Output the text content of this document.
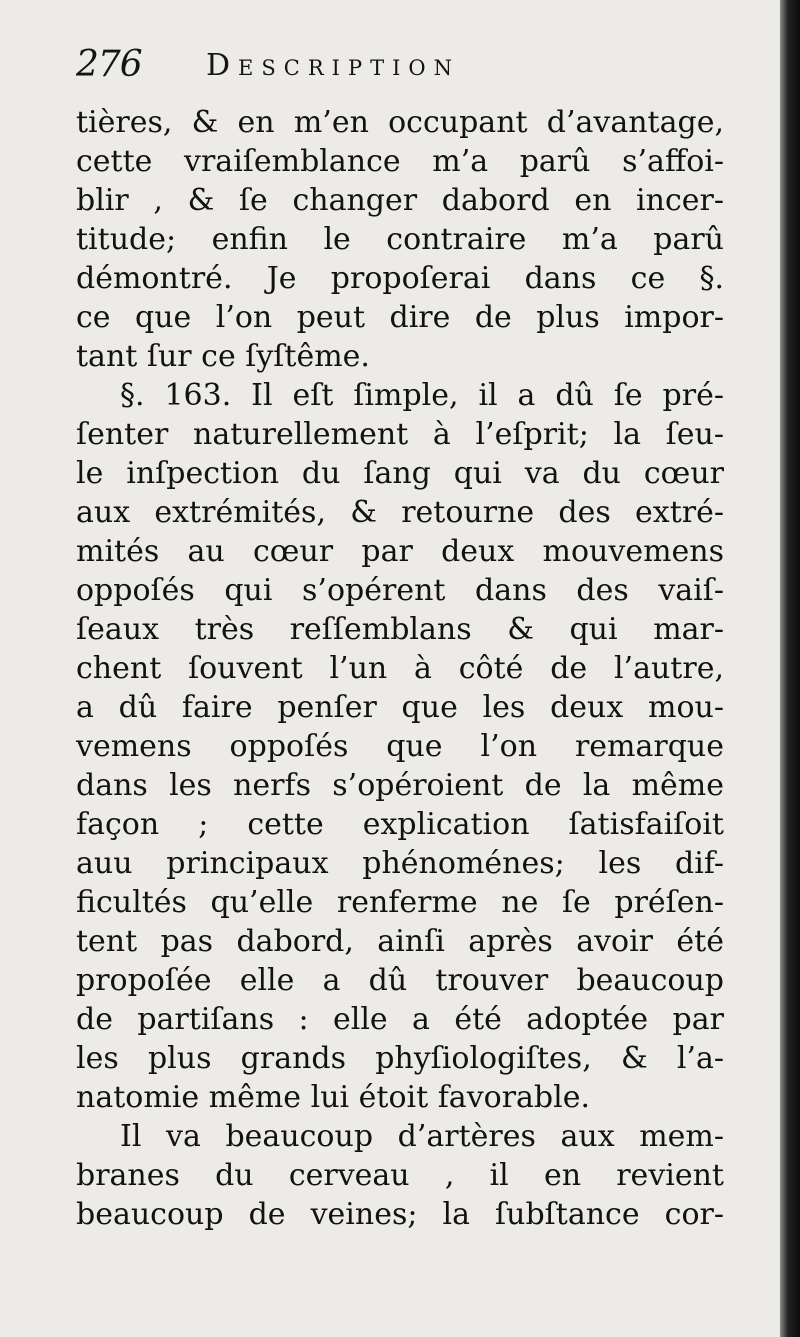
276 Description
tières, & en m’en occupant d’avantage,
cette vraiſemblance m’a parû s’affoi-
blir , & ſe changer dabord en incer-
titude; enfin le contraire m’a parû
démontré. Je propoſerai dans ce §.
ce que l’on peut dire de plus impor-
tant ſur ce ſyſtême.
§. 163. Il eſt ſimple, il a dû ſe pré-
ſenter naturellement à l’eſprit; la ſeu-
le inſpection du ſang qui va du cœur
aux extrémités, & retourne des extré-
mités au cœur par deux mouvemens
oppoſés qui s’opérent dans des vaiſ-
ſeaux très reſſemblans & qui mar-
chent ſouvent l’un à côté de l’autre,
a dû faire penſer que les deux mou-
vemens oppoſés que l’on remarque
dans les nerfs s’opéroient de la même
façon ; cette explication ſatisfaiſoit
auu principaux phénoménes; les dif-
ficultés qu’elle renferme ne ſe préſen-
tent pas dabord, ainſi après avoir été
propoſée elle a dû trouver beaucoup
de partiſans : elle a été adoptée par
les plus grands phyſiologiſtes, & l’a-
natomie même lui étoit favorable.
Il va beaucoup d’artères aux mem-
branes du cerveau , il en revient
beaucoup de veines; la ſubſtance cor-
